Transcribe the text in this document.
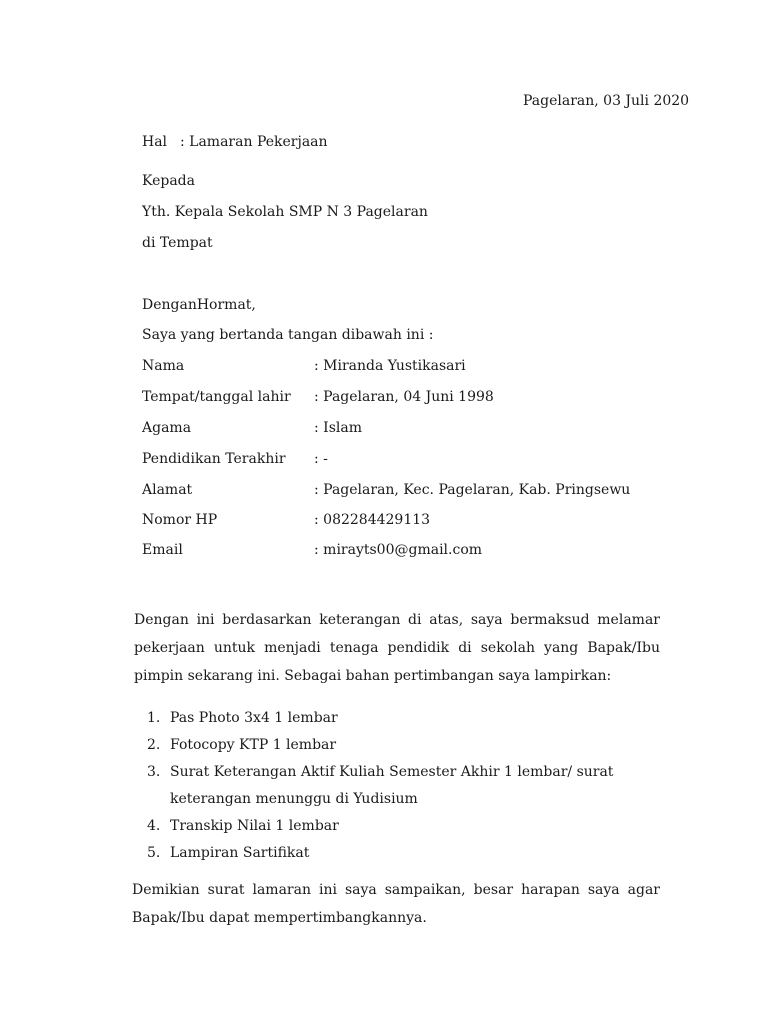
Pagelaran, 03 Juli 2020
Hal : Lamaran Pekerjaan
Kepada
Yth. Kepala Sekolah SMP N 3 Pagelaran
di Tempat
DenganHormat,
Saya yang bertanda tangan dibawah ini :
Nama	: Miranda Yustikasari
Tempat/tanggal lahir : Pagelaran, 04 Juni 1998
Agama	: Islam
Pendidikan Terakhir : -
Alamat	: Pagelaran, Kec. Pagelaran, Kab. Pringsewu
Nomor HP	: 082284429113
Email	: mirayts00@gmail.com
Dengan ini berdasarkan keterangan di atas, saya bermaksud melamar pekerjaan untuk menjadi tenaga pendidik di sekolah yang Bapak/Ibu pimpin sekarang ini. Sebagai bahan pertimbangan saya lampirkan:
1. Pas Photo 3x4 1 lembar
2. Fotocopy KTP 1 lembar
3. Surat Keterangan Aktif Kuliah Semester Akhir 1 lembar/ surat keterangan menunggu di Yudisium
4. Transkip Nilai 1 lembar
5. Lampiran Sartifikat
Demikian surat lamaran ini saya sampaikan, besar harapan saya agar Bapak/Ibu dapat mempertimbangkannya.
